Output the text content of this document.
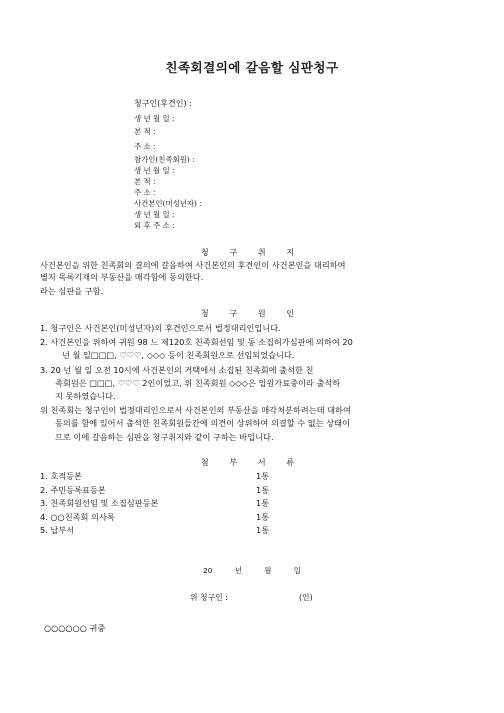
친족회결의에 갈음할 심판청구
청구인(후견인) :
생 년 월 일 :
본 적 :
주 소 :
참가인(친족회원) :
생 년 월 일 :
본 적 :
주 소 :
사건본인(미성년자) :
생 년 월 일 :
외 후 주 소 :
청 구 취 지
사건본인을 위한 친족회의 결의에 갈음하여 사건본인의 후견인이 사건본인을 대리하여
별지 목록기재의 부동산을 매각함에 동의한다.
라는 심판을 구함.
청 구 원 인
1. 청구인은 사건본인(미성년자)의 후견인으로서 법정대리인입니다.
2. 사건본인을 위하여 귀원 98 느 제120호 친족회선임 및 동 소집허가심판에 의하여 20
넌 월 일□□□, ♡♡♡, ◇◇◇ 등이 친족회원으로 선임되었습니다.
3. 20 넌 월 일 오전 10시에 사건본인의 거택에서 소집된 친족회에 출석한 친
족회원은 □□□, ♡♡♡ 2인이었고, 위 친족회원 ◇◇◇은 입원가료중이라 출석하
지 못하였습니다.
위 친족회는 청구인이 법정대리인으로서 사건본인의 부동산을 매각처분하려는데 대하여
동의를 함에 있어서 출석한 친족회원들간에 의견이 상위하여 의결할 수 없는 상태이
므로 이에 갈음하는 심판을 청구취지와 같이 구하는 바입니다.
첨 부 서 류
1. 호적등본	1통
2. 주민등록표등본	1통
3. 친족회원선임 및 소집심판등본	1통
4. ○○친족회 의사록	1통
5. 납부서	1통
20 년 월 일
위 청구인 :	(인)
○○○○○○ 귀중
